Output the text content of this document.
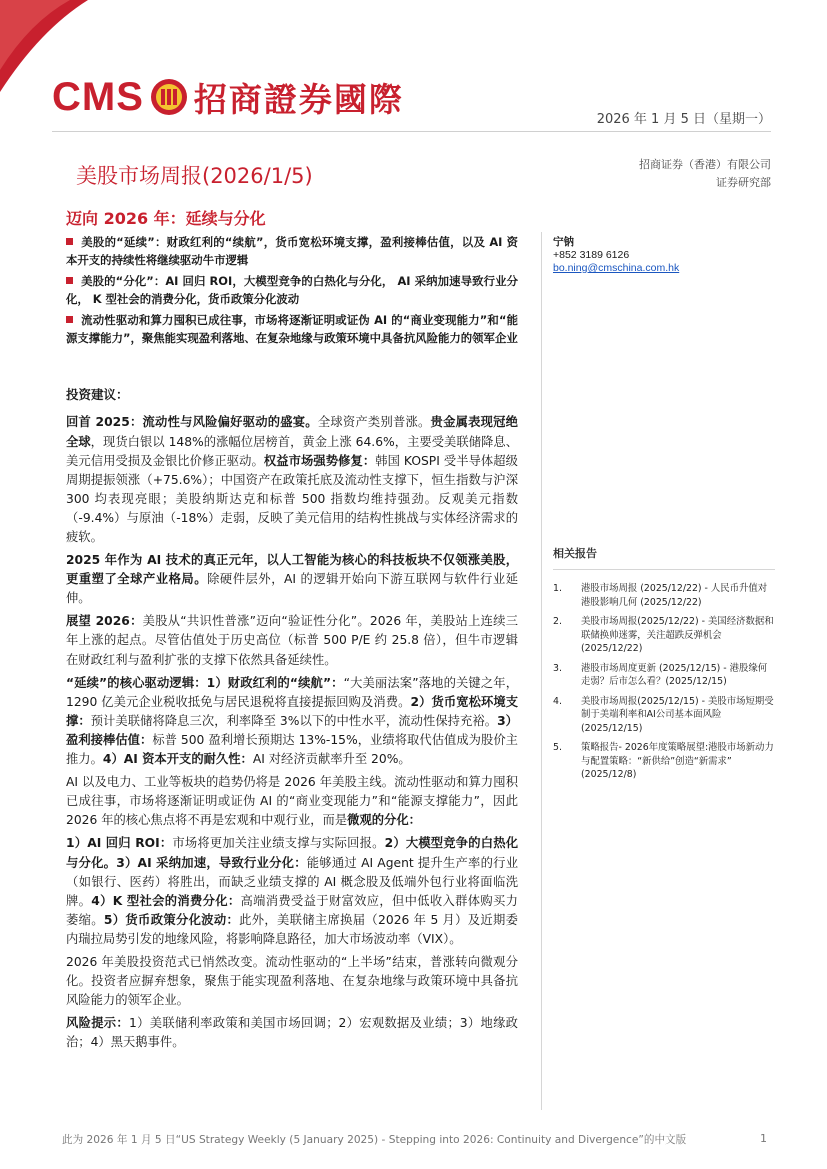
CMS 招商證券國際
2026 年 1 月 5 日（星期一）
美股市场周报(2026/1/5)	招商证券（香港）有限公司
证券研究部
迈向 2026 年：延续与分化
美股的“延续”：财政红利的“续航”，货币宽松环境支撑，盈利接棒估值，以及 AI 资本开支的持续性将继续驱动牛市逻辑
美股的“分化”：AI 回归 ROI，大模型竞争的白热化与分化， AI 采纳加速导致行业分化， K 型社会的消费分化，货币政策分化波动
流动性驱动和算力囤积已成往事，市场将逐渐证明或证伪 AI 的“商业变现能力”和“能源支撑能力”，聚焦能实现盈利落地、在复杂地缘与政策环境中具备抗风险能力的领军企业
投资建议：

回首 2025：流动性与风险偏好驱动的盛宴。全球资产类别普涨。贵金属表现冠绝全球，现货白银以 148%的涨幅位居榜首，黄金上涨 64.6%，主要受美联储降息、美元信用受损及金银比价修正驱动。权益市场强势修复：韩国 KOSPI 受半导体超级周期提振领涨（+75.6%）；中国资产在政策托底及流动性支撑下，恒生指数与沪深 300 均表现亮眼；美股纳斯达克和标普 500 指数均维持强劲。反观美元指数（-9.4%）与原油（-18%）走弱，反映了美元信用的结构性挑战与实体经济需求的疲软。

2025 年作为 AI 技术的真正元年，以人工智能为核心的科技板块不仅领涨美股，更重塑了全球产业格局。除硬件层外，AI 的逻辑开始向下游互联网与软件行业延伸。

展望 2026：美股从“共识性普涨”迈向“验证性分化”。2026 年，美股站上连续三年上涨的起点。尽管估值处于历史高位（标普 500 P/E 约 25.8 倍），但牛市逻辑在财政红利与盈利扩张的支撑下依然具备延续性。

“延续”的核心驱动逻辑：1）财政红利的“续航”：“大美丽法案”落地的关键之年，1290 亿美元企业税收抵免与居民退税将直接提振回购及消费。2）货币宽松环境支撑：预计美联储将降息三次，利率降至 3%以下的中性水平，流动性保持充裕。3）盈利接棒估值：标普 500 盈利增长预期达 13%-15%，业绩将取代估值成为股价主推力。4）AI 资本开支的耐久性：AI 对经济贡献率升至 20%。

AI 以及电力、工业等板块的趋势仍将是 2026 年美股主线。流动性驱动和算力囤积已成往事，市场将逐渐证明或证伪 AI 的“商业变现能力”和“能源支撑能力”，因此 2026 年的核心焦点将不再是宏观和中观行业，而是微观的分化：

1）AI 回归 ROI：市场将更加关注业绩支撑与实际回报。2）大模型竞争的白热化与分化。3）AI 采纳加速，导致行业分化：能够通过 AI Agent 提升生产率的行业（如银行、医药）将胜出，而缺乏业绩支撑的 AI 概念股及低端外包行业将面临洗牌。4）K 型社会的消费分化：高端消费受益于财富效应，但中低收入群体购买力萎缩。5）货币政策分化波动：此外，美联储主席换届（2026 年 5 月）及近期委内瑞拉局势引发的地缘风险，将影响降息路径，加大市场波动率（VIX）。

2026 年美股投资范式已悄然改变。流动性驱动的“上半场”结束，普涨转向微观分化。投资者应摒弃想象，聚焦于能实现盈利落地、在复杂地缘与政策环境中具备抗风险能力的领军企业。

风险提示：1）美联储利率政策和美国市场回调；2）宏观数据及业绩；3）地缘政治；4）黑天鹅事件。

宁钠
+852 3189 6126
bo.ning@cmschina.com.hk
相关报告
1.	港股市场周报 (2025/12/22) - 人民币升值对港股影响几何 (2025/12/22)
2.	美股市场周报(2025/12/22) - 美国经济数据和联储换帅迷雾，关注超跌反弹机会(2025/12/22)
3.	港股市场周度更新 (2025/12/15) - 港股缘何走弱？后市怎么看？(2025/12/15)
4.	美股市场周报(2025/12/15) - 美股市场短期受制于美端利率和AI公司基本面风险(2025/12/15)
5.	策略报告- 2026年度策略展望:港股市场新动力与配置策略：“新供给”创造“新需求” (2025/12/8)
此为 2026 年 1 月 5 日“US Strategy Weekly (5 January 2025) - Stepping into 2026: Continuity and Divergence”的中文版	1
